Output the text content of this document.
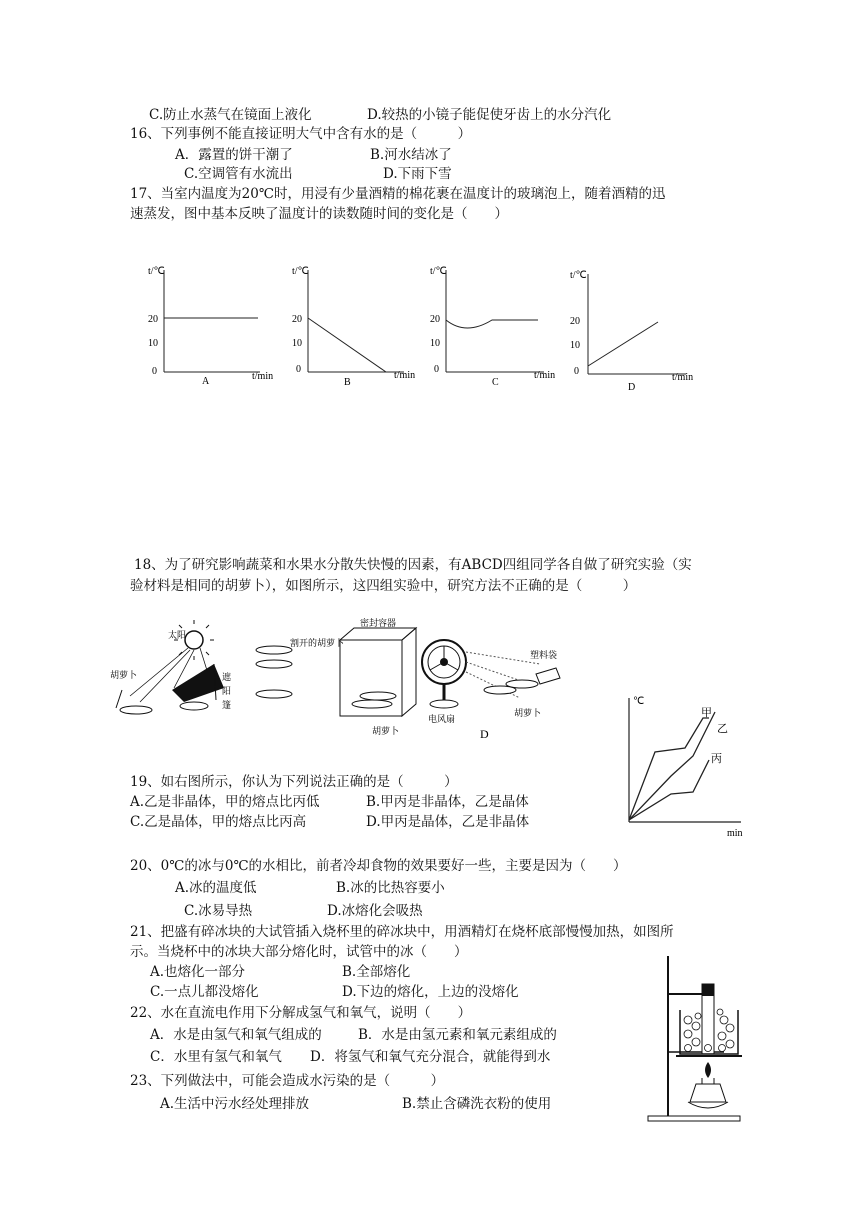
C.防止水蒸气在镜面上液化	D.较热的小镜子能促使牙齿上的水分汽化
16、下列事例不能直接证明大气中含有水的是（　　　）
A．露置的饼干潮了	B.河水结冰了
C.空调管有水流出	D.下雨下雪
17、当室内温度为20℃时，用浸有少量酒精的棉花裹在温度计的玻璃泡上，随着酒精的迅
速蒸发，图中基本反映了温度计的读数随时间的变化是（　　）
t/℃
20
10
0	t/min
A
t/℃
20
10
0
t/min
B
t/℃
20
10
0
t/min
C
t/℃
20
10
0
t/min
D
18、为了研究影响蔬菜和水果水分散失快慢的因素，有ABCD四组同学各自做了研究实验（实
验材料是相同的胡萝卜），如图所示，这四组实验中，研究方法不正确的是（　　　）
太阳
胡萝卜	遮
阳
篷
割开的胡萝卜
密封容器
胡萝卜
电风扇
塑料袋
胡萝卜
D
℃
min
甲
乙
丙
19、如右图所示，你认为下列说法正确的是（　　　）
A.乙是非晶体，甲的熔点比丙低	B.甲丙是非晶体，乙是晶体
C.乙是晶体，甲的熔点比丙高	D.甲丙是晶体，乙是非晶体
20、0℃的冰与0℃的水相比，前者冷却食物的效果要好一些，主要是因为（　　）
A.冰的温度低	B.冰的比热容要小
C.冰易导热	D.冰熔化会吸热
21、把盛有碎冰块的大试管插入烧杯里的碎冰块中，用酒精灯在烧杯底部慢慢加热，如图所
示。当烧杯中的冰块大部分熔化时，试管中的冰（　　）
A.也熔化一部分	B.全部熔化
C.一点儿都没熔化	D.下边的熔化，上边的没熔化
22、水在直流电作用下分解成氢气和氧气，说明（　　）
A．水是由氢气和氧气组成的	B．水是由氢元素和氧元素组成的
C．水里有氢气和氧气 D．将氢气和氧气充分混合，就能得到水
23、下列做法中，可能会造成水污染的是（　　　）
A.生活中污水经处理排放	B.禁止含磷洗衣粉的使用
